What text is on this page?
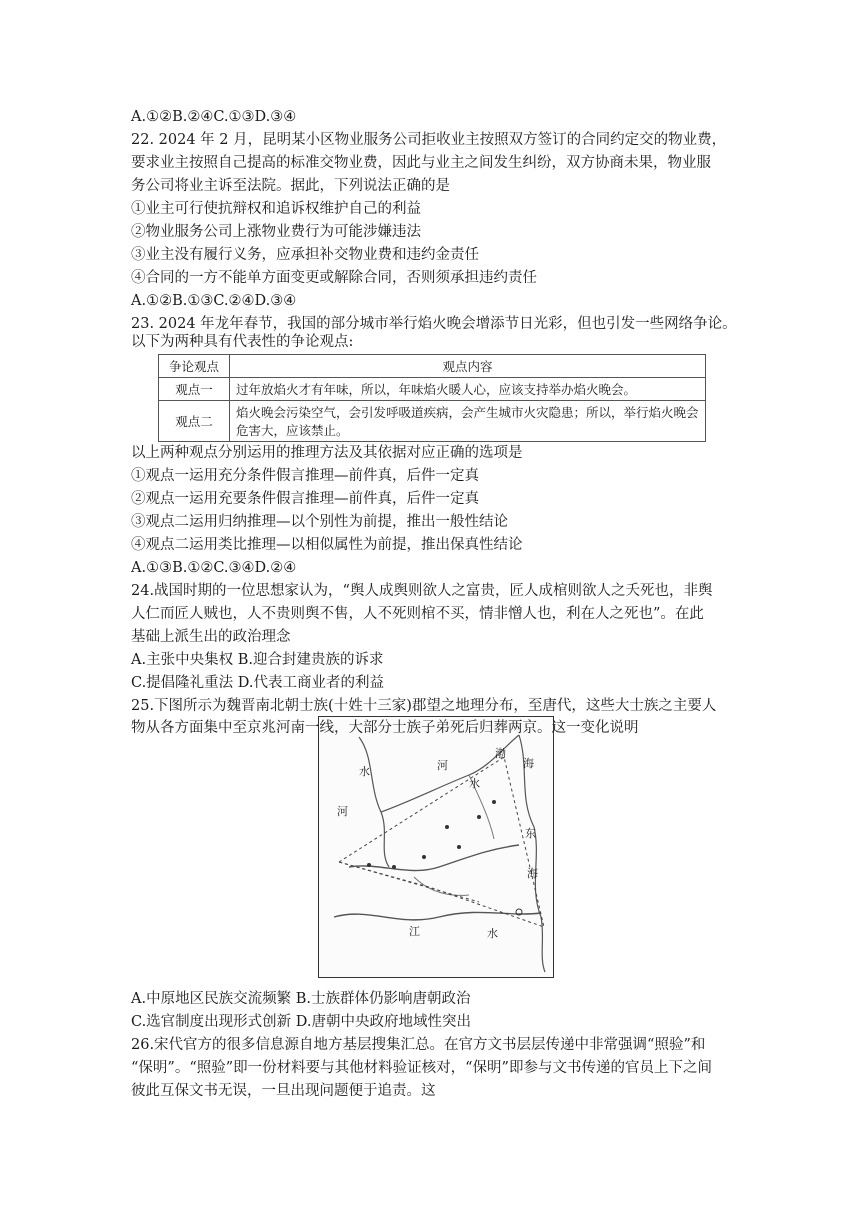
A.①②B.②④C.①③D.③④
22. 2024 年 2 月，昆明某小区物业服务公司拒收业主按照双方签订的合同约定交的物业费，
要求业主按照自己提高的标准交物业费，因此与业主之间发生纠纷，双方协商未果，物业服
务公司将业主诉至法院。据此，下列说法正确的是
①业主可行使抗辩权和追诉权维护自己的利益
②物业服务公司上涨物业费行为可能涉嫌违法
③业主没有履行义务，应承担补交物业费和违约金责任
④合同的一方不能单方面变更或解除合同，否则须承担违约责任
A.①②B.①③C.②④D.③④
23. 2024 年龙年春节，我国的部分城市举行焰火晚会增添节日光彩，但也引发一些网络争论。
以下为两种具有代表性的争论观点:
争论观点	观点内容
观点一	过年放焰火才有年味，所以，年味焰火暖人心，应该支持举办焰火晚会。
观点二	焰火晚会污染空气，会引发呼吸道疾病，会产生城市火灾隐患；所以，举行焰火晚会危害大，应该禁止。
以上两种观点分别运用的推理方法及其依据对应正确的选项是
①观点一运用充分条件假言推理—前件真，后件一定真
②观点一运用充要条件假言推理—前件真，后件一定真
③观点二运用归纳推理—以个别性为前提，推出一般性结论
④观点二运用类比推理—以相似属性为前提，推出保真性结论
A.①③B.①②C.③④D.②④
24.战国时期的一位思想家认为，“舆人成舆则欲人之富贵，匠人成棺则欲人之夭死也，非舆
人仁而匠人贼也，人不贵则舆不售，人不死则棺不买，情非憎人也，利在人之死也”。在此
基础上派生出的政治理念
A.主张中央集权 B.迎合封建贵族的诉求
C.提倡隆礼重法 D.代表工商业者的利益
25.下图所示为魏晋南北朝士族(十姓十三家)郡望之地理分布，至唐代，这些大士族之主要人
水
河
河
水
渤
海
东
海
江	水
A.中原地区民族交流频繁 B.士族群体仍影响唐朝政治
C.选官制度出现形式创新 D.唐朝中央政府地域性突出
26.宋代官方的很多信息源自地方基层搜集汇总。在官方文书层层传递中非常强调“照验”和
“保明”。“照验”即一份材料要与其他材料验证核对，“保明”即参与文书传递的官员上下之间
彼此互保文书无误，一旦出现问题便于追责。这
物从各方面集中至京兆河南一线，大部分士族子弟死后归葬两京。这一变化说明
